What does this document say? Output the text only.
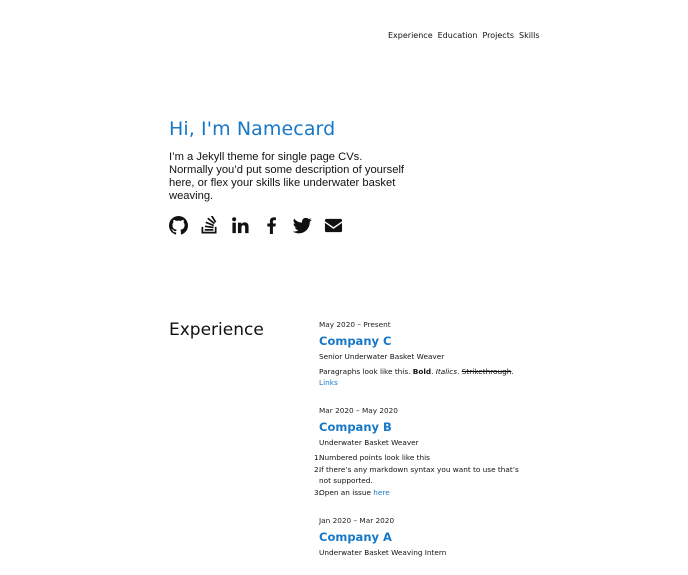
Experience Education Projects Skills
Hi, I'm Namecard

I’m a Jekyll theme for single page CVs. Normally you’d put some description of yourself here, or flex your skills like underwater basket weaving.

Experience	May 2020 – Present
Company C
Senior Underwater Basket Weaver
Paragraphs look like this. Bold. Italics. Strikethrough. Links
Mar 2020 – May 2020
Company B
Underwater Basket Weaver
1.
Numbered points look like this
2.
If there’s any markdown syntax you want to use that’s not supported.
3.
Open an issue here
Jan 2020 – Mar 2020
Company A
Underwater Basket Weaving Intern
